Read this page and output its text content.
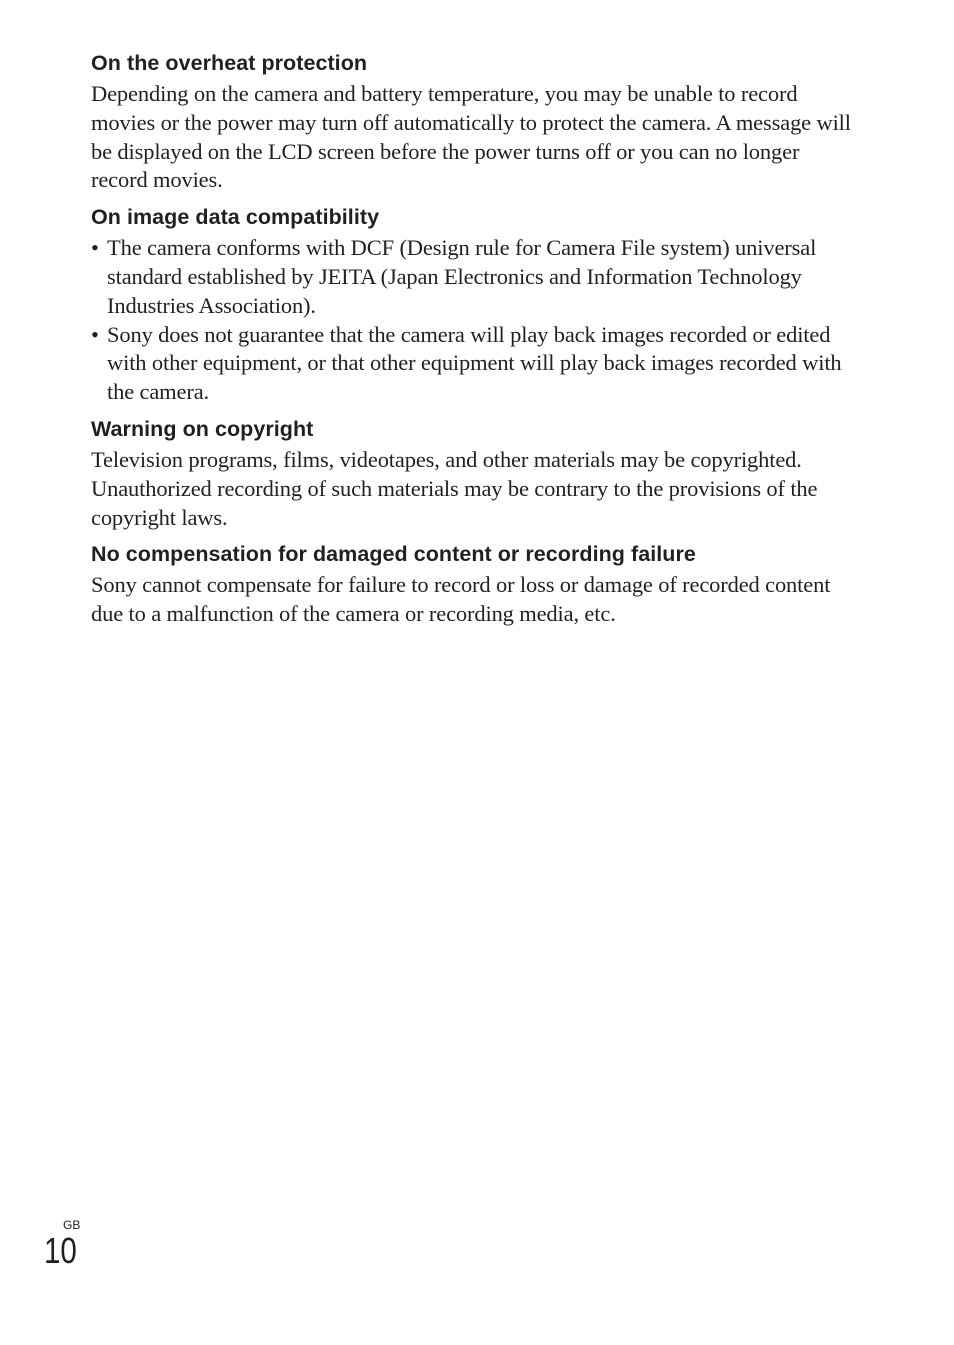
On the overheat protection

Depending on the camera and battery temperature, you may be unable to record movies or the power may turn off automatically to protect the camera. A message will be displayed on the LCD screen before the power turns off or you can no longer record movies.

On image data compatibility
• The camera conforms with DCF (Design rule for Camera File system) universal standard established by JEITA (Japan Electronics and Information Technology Industries Association).
• Sony does not guarantee that the camera will play back images recorded or edited with other equipment, or that other equipment will play back images recorded with the camera.
Warning on copyright

Television programs, films, videotapes, and other materials may be copyrighted. Unauthorized recording of such materials may be contrary to the provisions of the copyright laws.

No compensation for damaged content or recording failure

Sony cannot compensate for failure to record or loss or damage of recorded content due to a malfunction of the camera or recording media, etc.

GB
10
